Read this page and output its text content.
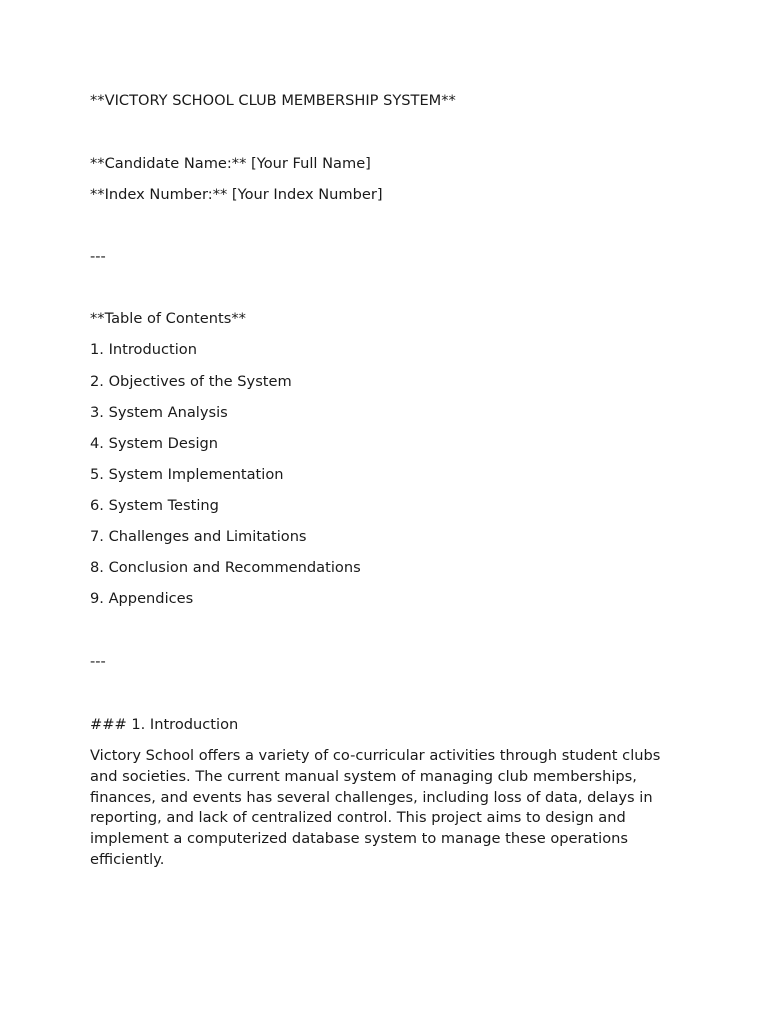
**VICTORY SCHOOL CLUB MEMBERSHIP SYSTEM**
**Candidate Name:** [Your Full Name]
**Index Number:** [Your Index Number]
---
**Table of Contents**
1. Introduction
2. Objectives of the System
3. System Analysis
4. System Design
5. System Implementation
6. System Testing
7. Challenges and Limitations
8. Conclusion and Recommendations
9. Appendices
---
### 1. Introduction
Victory School offers a variety of co-curricular activities through student clubs and societies. The current manual system of managing club memberships, finances, and events has several challenges, including loss of data, delays in reporting, and lack of centralized control. This project aims to design and implement a computerized database system to manage these operations efficiently.
